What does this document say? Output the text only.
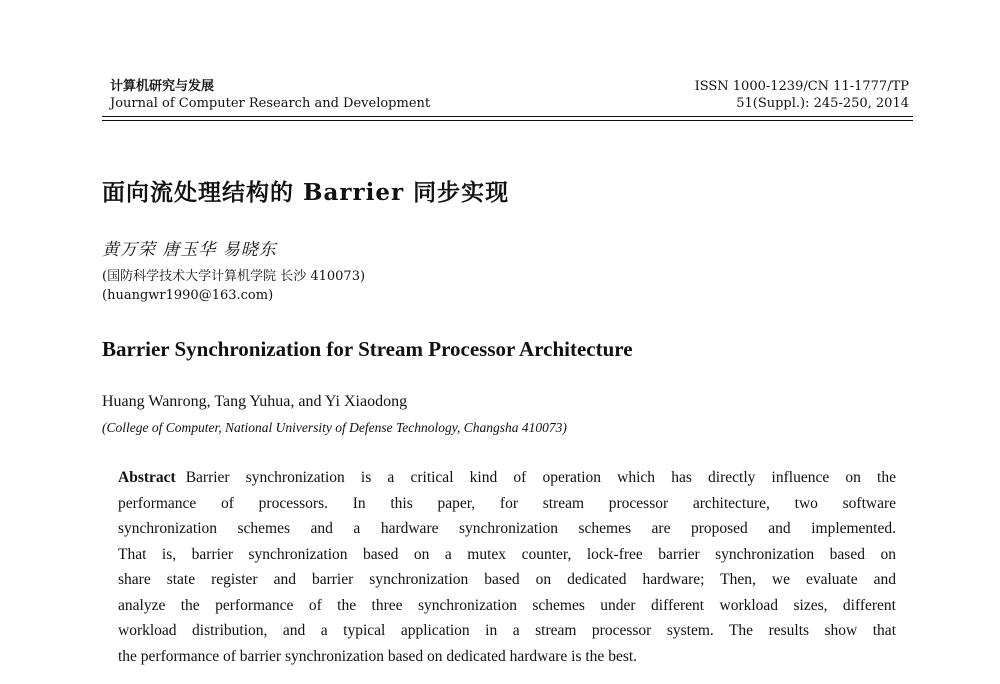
计算机研究与发展
Journal of Computer Research and Development
ISSN 1000-1239/CN 11-1777/TP
51(Suppl.): 245-250, 2014
面向流处理结构的 Barrier 同步实现
黄万荣 唐玉华 易晓东
(国防科学技术大学计算机学院 长沙 410073)
(huangwr1990@163.com)
Barrier Synchronization for Stream Processor Architecture
Huang Wanrong, Tang Yuhua, and Yi Xiaodong
(College of Computer, National University of Defense Technology, Changsha 410073)
Abstract Barrier synchronization is a critical kind of operation which has directly influence on the
performance of processors. In this paper, for stream processor architecture, two software
synchronization schemes and a hardware synchronization schemes are proposed and implemented.
That is, barrier synchronization based on a mutex counter, lock-free barrier synchronization based on
share state register and barrier synchronization based on dedicated hardware; Then, we evaluate and
analyze the performance of the three synchronization schemes under different workload sizes, different
workload distribution, and a typical application in a stream processor system. The results show that
the performance of barrier synchronization based on dedicated hardware is the best.
